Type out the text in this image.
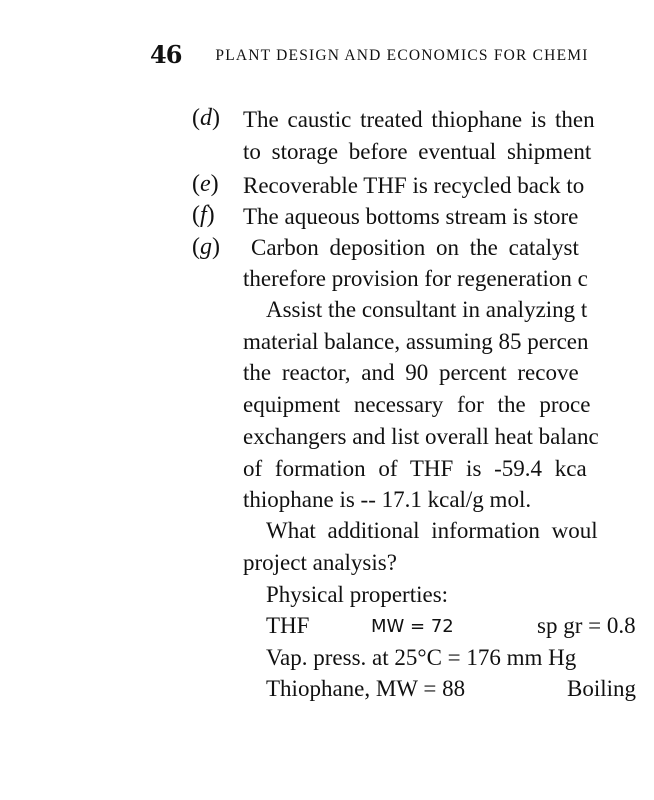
46 PLANT DESIGN AND ECONOMICS FOR CHEMI
(d) The caustic treated thiophane is then
to storage before eventual shipment
(e) Recoverable THF is recycled back to
(f) The aqueous bottoms stream is store
(g) Carbon deposition on the catalyst
therefore provision for regeneration c
Assist the consultant in analyzing t
material balance, assuming 85 percen
the reactor, and 90 percent recove
equipment necessary for the proce
exchangers and list overall heat balanc
of formation of THF is -59.4 kca
thiophane is -- 17.1 kcal/g mol.
What additional information woul
project analysis?
Physical properties:
THF	MW = 72	sp gr = 0.8
Vap. press. at 25°C = 176 mm Hg
Thiophane, MW = 88	Boiling
